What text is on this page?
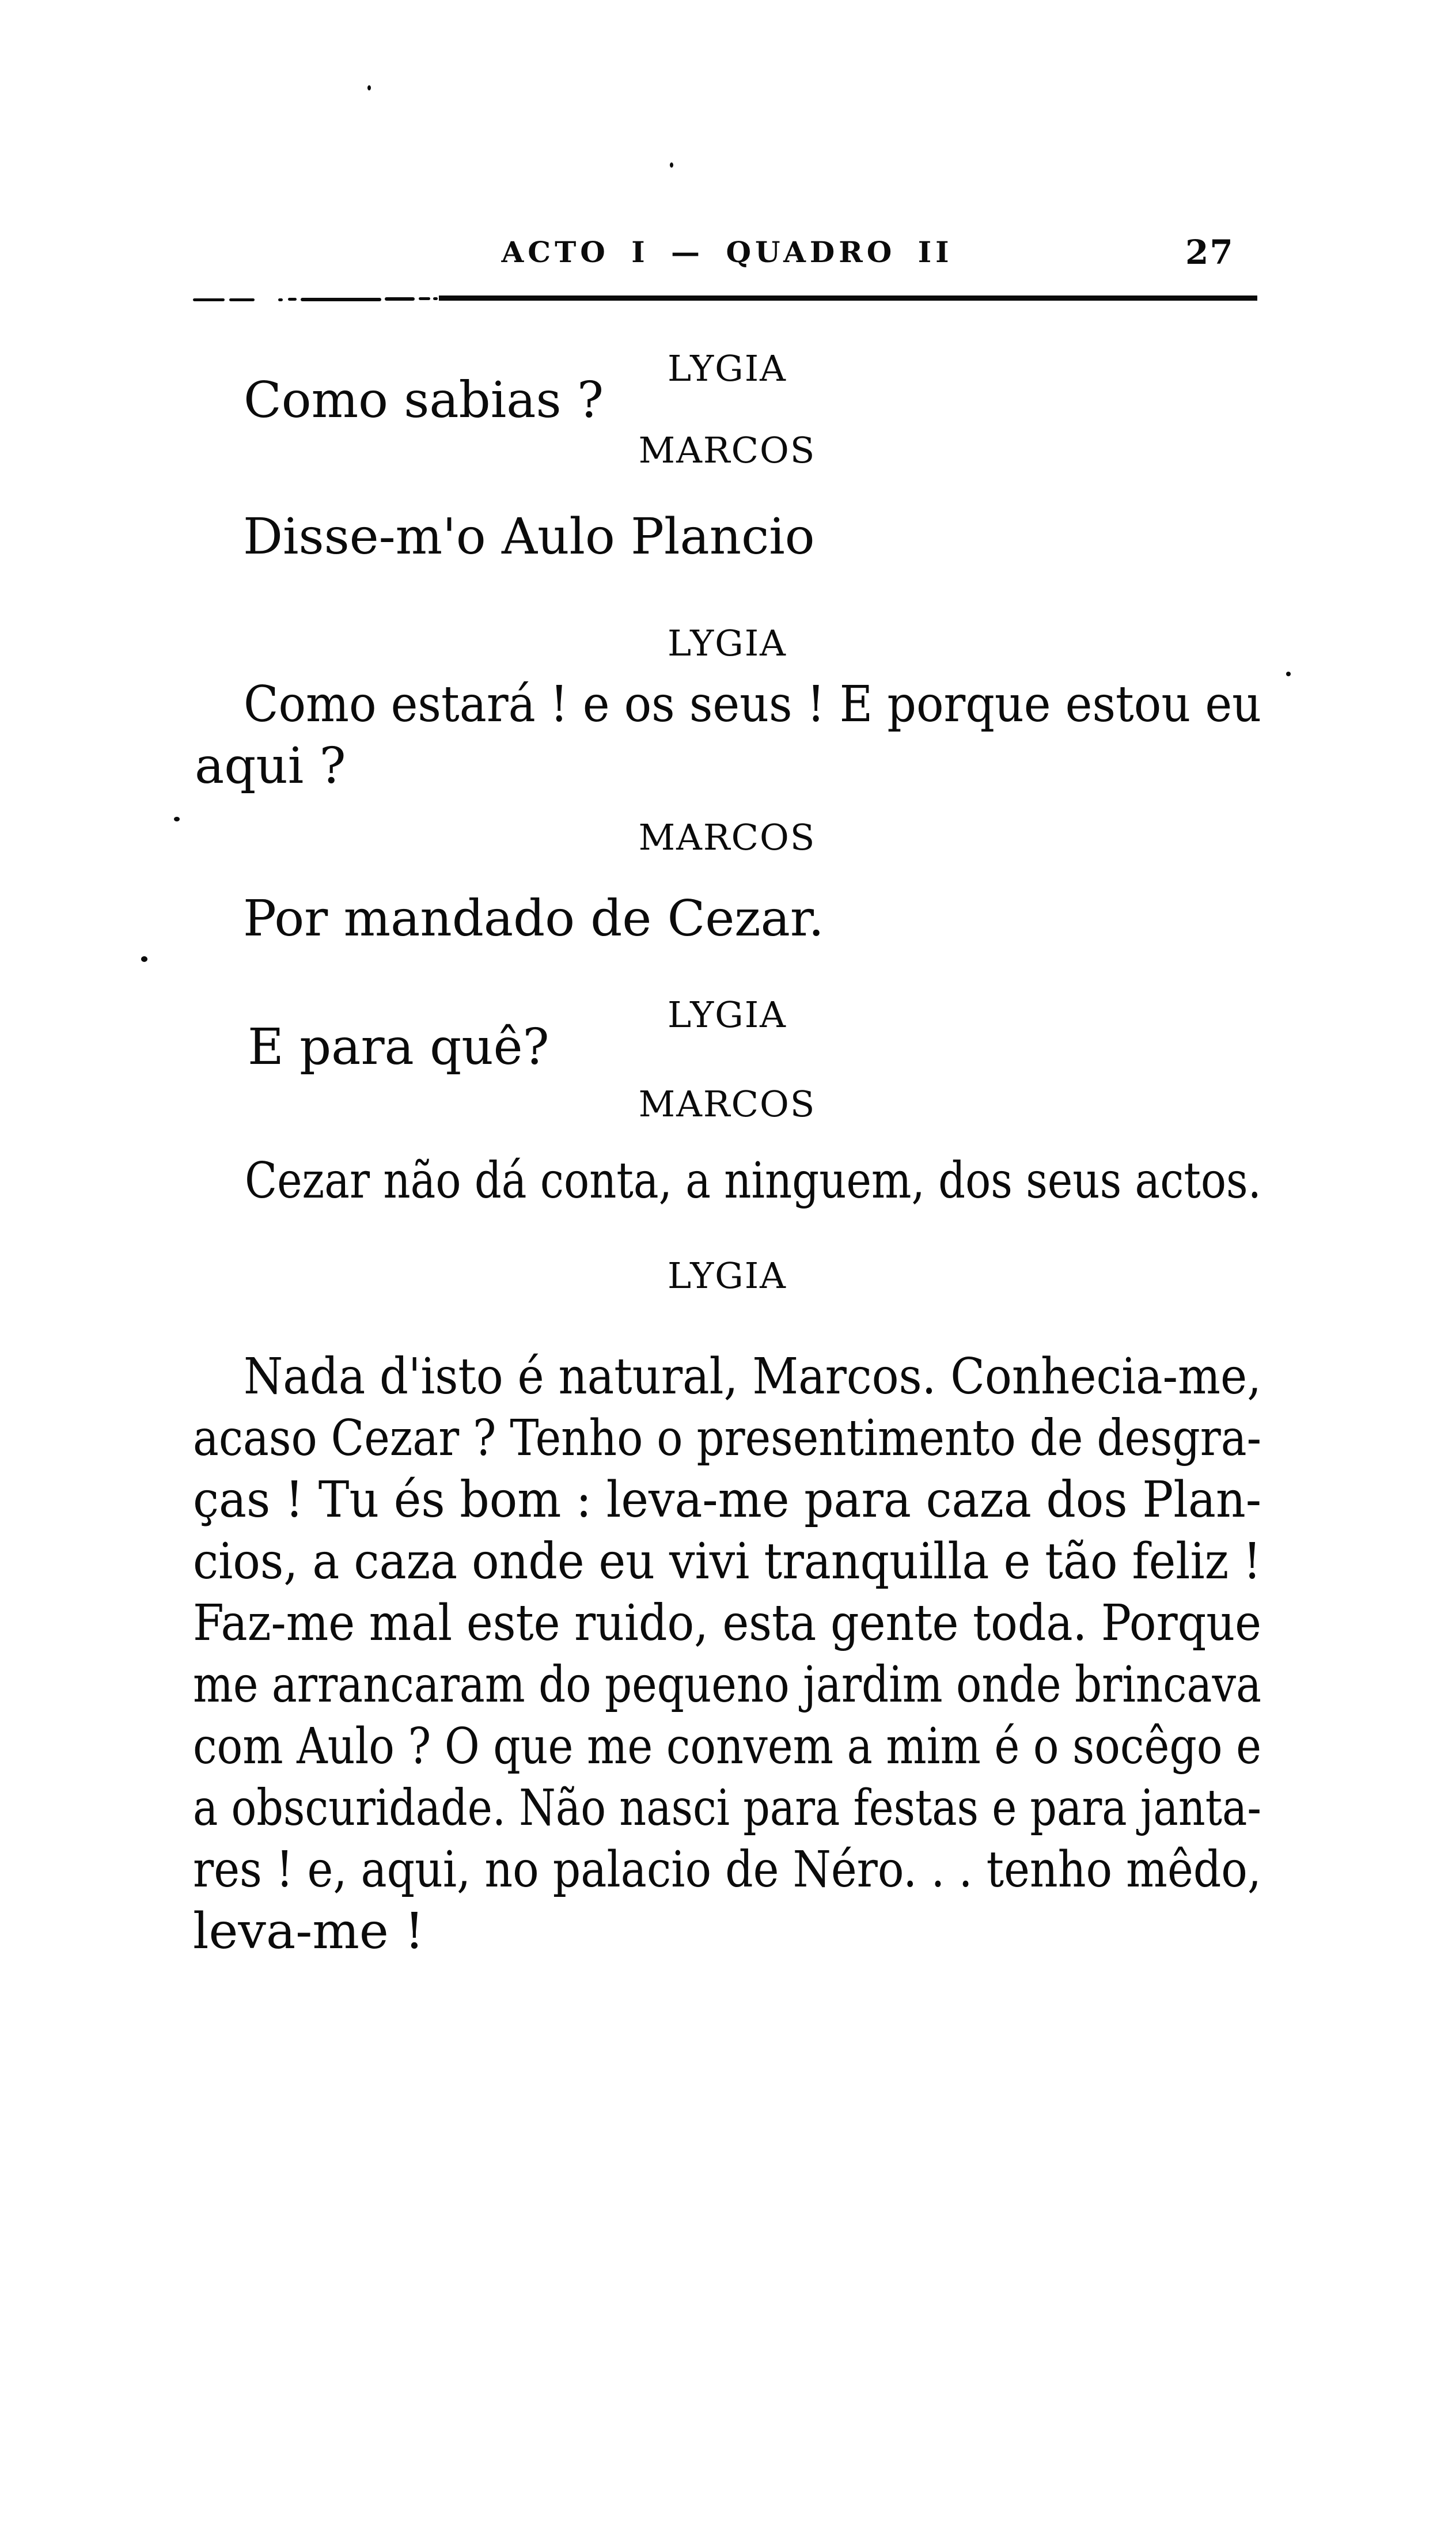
ACTO I — QUADRO II	27
LYGIA
Como sabias ?
MARCOS
Disse-m'o Aulo Plancio
LYGIA
Como estará ! e os seus ! E porque estou eu
aqui ?
MARCOS
Por mandado de Cezar.
LYGIA
E para quê?
MARCOS
Cezar não dá conta, a ninguem, dos seus actos.
LYGIA
Nada d'isto é natural, Marcos. Conhecia-me,
acaso Cezar ? Tenho o presentimento de desgra-
ças ! Tu és bom : leva-me para caza dos Plan-
cios, a caza onde eu vivi tranquilla e tão feliz !
Faz-me mal este ruido, esta gente toda. Porque
me arrancaram do pequeno jardim onde brincava
com Aulo ? O que me convem a mim é o socêgo e
a obscuridade. Não nasci para festas e para janta-
res ! e, aqui, no palacio de Néro. . . tenho mêdo,
leva-me !
